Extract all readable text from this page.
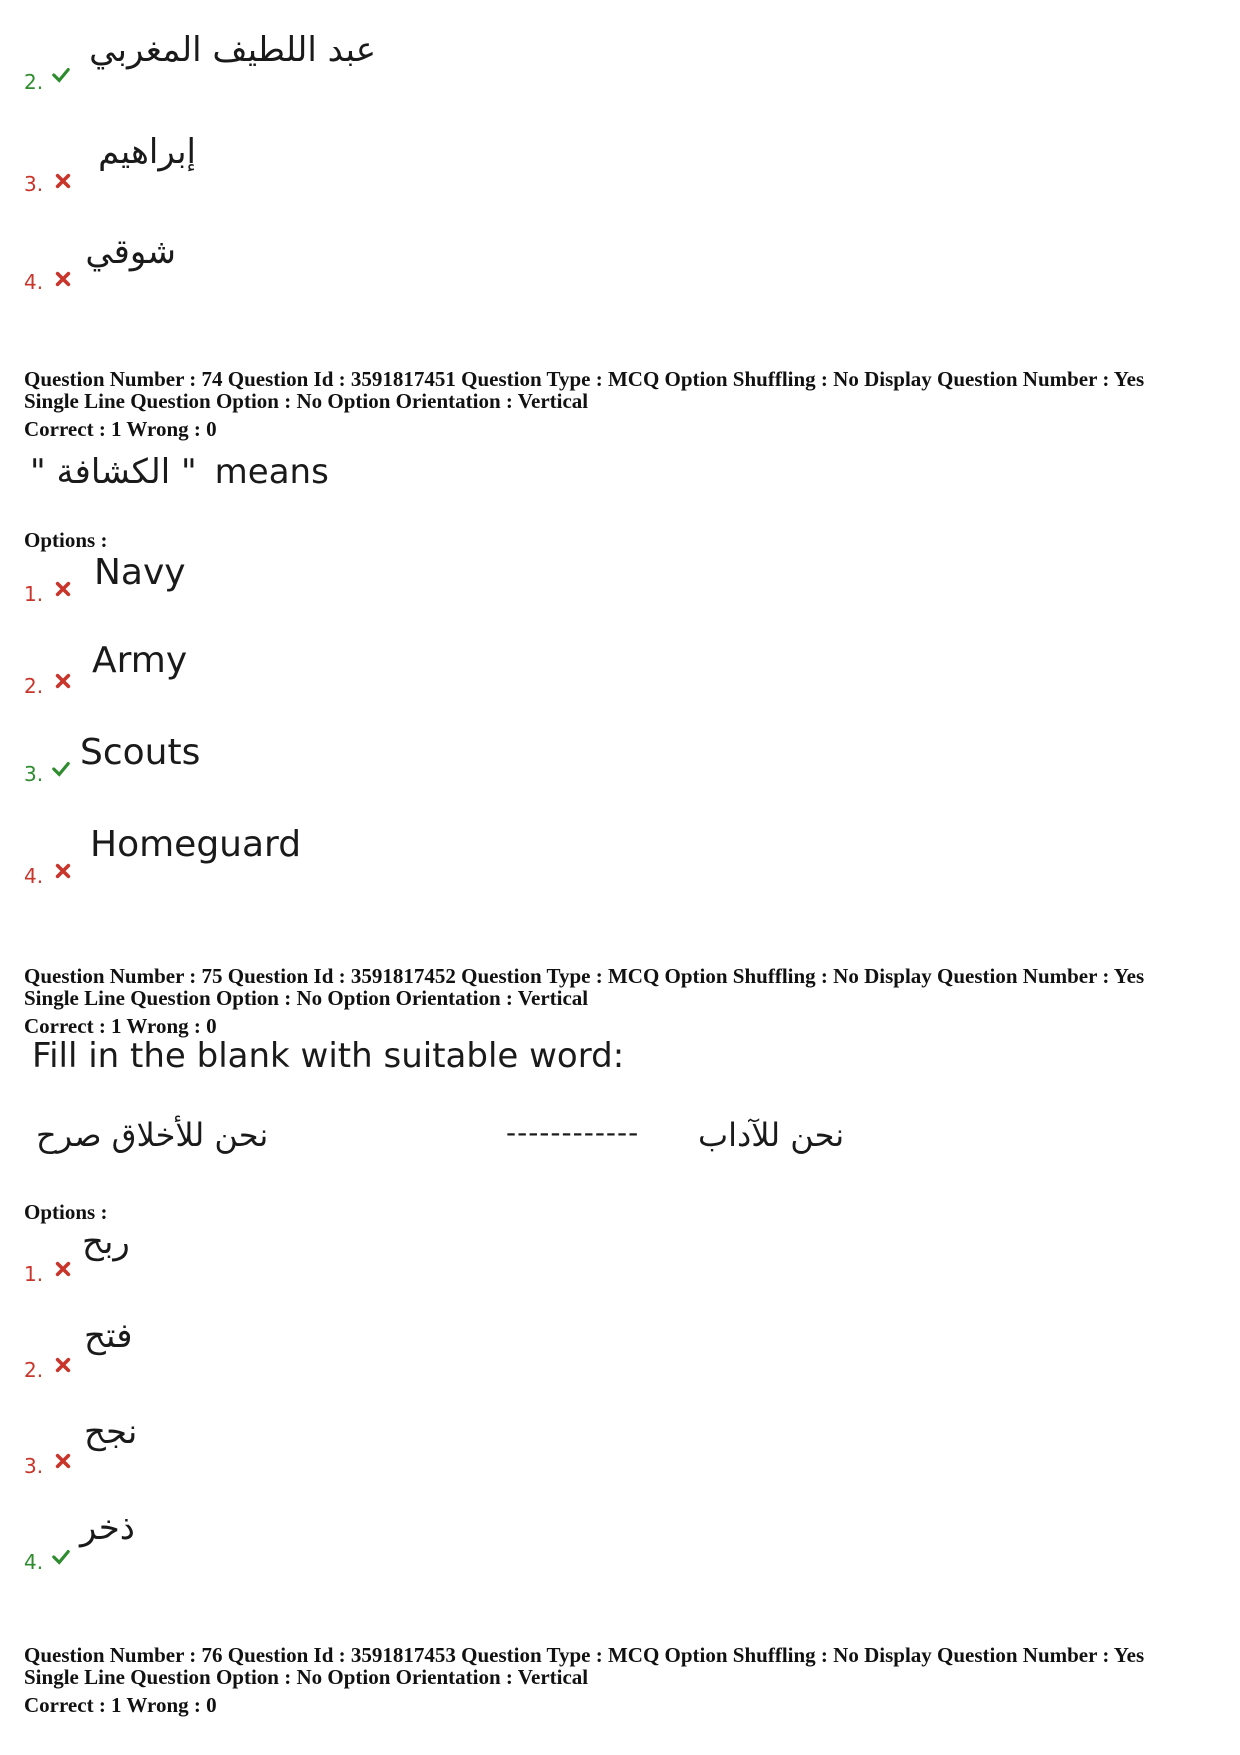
2.
عبد اللطيف المغربي
3.
إبراهيم
4.
شوقي
Question Number : 74 Question Id : 3591817451 Question Type : MCQ Option Shuffling : No Display Question Number : Yes
Single Line Question Option : No Option Orientation : Vertical
Correct : 1 Wrong : 0
" الكشافة " means
Options :
1.
Navy
2.
Army
3.
Scouts
4.
Homeguard
Question Number : 75 Question Id : 3591817452 Question Type : MCQ Option Shuffling : No Display Question Number : Yes
Single Line Question Option : No Option Orientation : Vertical
Correct : 1 Wrong : 0
Fill in the blank with suitable word:
نحن للأخلاق صرح	------------ نحن للآداب
Options :
1.
ربح
2.
فتح
3.
نجح
4.
ذخر
Question Number : 76 Question Id : 3591817453 Question Type : MCQ Option Shuffling : No Display Question Number : Yes
Single Line Question Option : No Option Orientation : Vertical
Correct : 1 Wrong : 0
